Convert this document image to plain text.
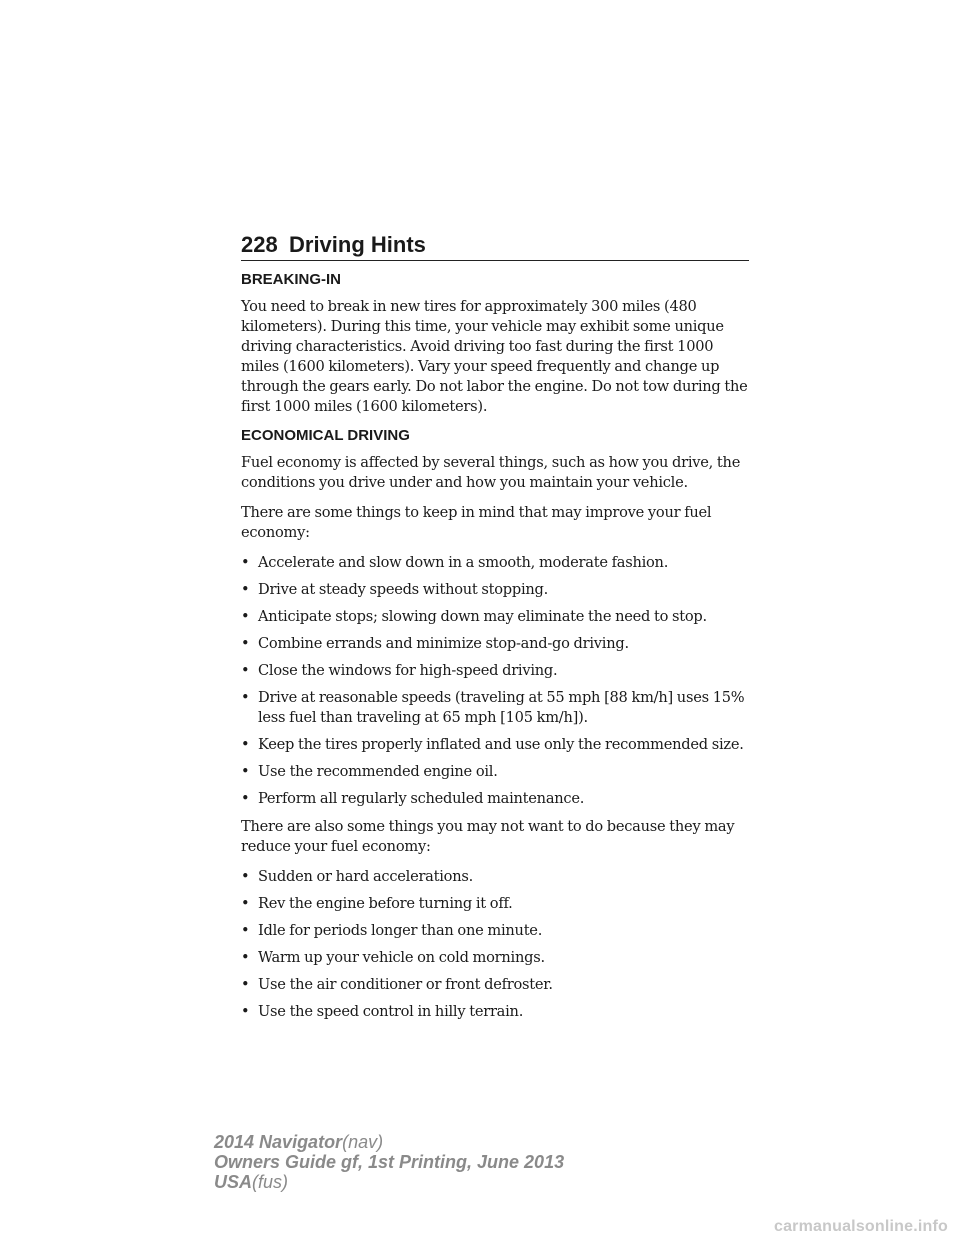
228 Driving Hints
BREAKING-IN

You need to break in new tires for approximately 300 miles (480 kilometers). During this time, your vehicle may exhibit some unique driving characteristics. Avoid driving too fast during the first 1000 miles (1600 kilometers). Vary your speed frequently and change up through the gears early. Do not labor the engine. Do not tow during the first 1000 miles (1600 kilometers).

ECONOMICAL DRIVING

Fuel economy is affected by several things, such as how you drive, the conditions you drive under and how you maintain your vehicle.

There are some things to keep in mind that may improve your fuel economy:

• Accelerate and slow down in a smooth, moderate fashion.
• Drive at steady speeds without stopping.
• Anticipate stops; slowing down may eliminate the need to stop.
• Combine errands and minimize stop-and-go driving.
• Close the windows for high-speed driving.
• Drive at reasonable speeds (traveling at 55 mph [88 km/h] uses 15% less fuel than traveling at 65 mph [105 km/h]).
• Keep the tires properly inflated and use only the recommended size.
• Use the recommended engine oil.
• Perform all regularly scheduled maintenance.

There are also some things you may not want to do because they may reduce your fuel economy:

• Sudden or hard accelerations.
• Rev the engine before turning it off.
• Idle for periods longer than one minute.
• Warm up your vehicle on cold mornings.
• Use the air conditioner or front defroster.
• Use the speed control in hilly terrain.
2014 Navigator(nav)
Owners Guide gf, 1st Printing, June 2013
USA(fus)
carmanualsonline.info
